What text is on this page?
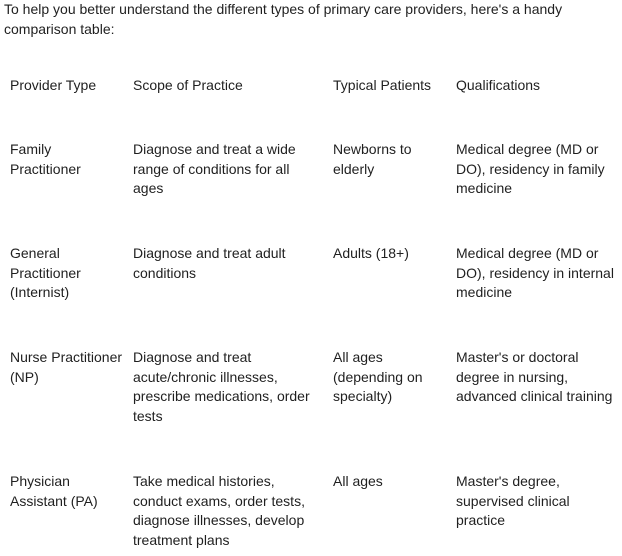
To help you better understand the different types of primary care providers, here's a handy comparison table:

Provider Type	Scope of Practice	Typical Patients	Qualifications
Family Practitioner	Diagnose and treat a wide range of conditions for all ages	Newborns to elderly	Medical degree (MD or DO), residency in family medicine
General Practitioner (Internist)	Diagnose and treat adult conditions	Adults (18+)	Medical degree (MD or DO), residency in internal medicine
Nurse Practitioner (NP)	Diagnose and treat acute/chronic illnesses, prescribe medications, order tests	All ages (depending on specialty)	Master's or doctoral degree in nursing, advanced clinical training
Physician Assistant (PA)	Take medical histories, conduct exams, order tests, diagnose illnesses, develop treatment plans	All ages	Master's degree, supervised clinical practice
